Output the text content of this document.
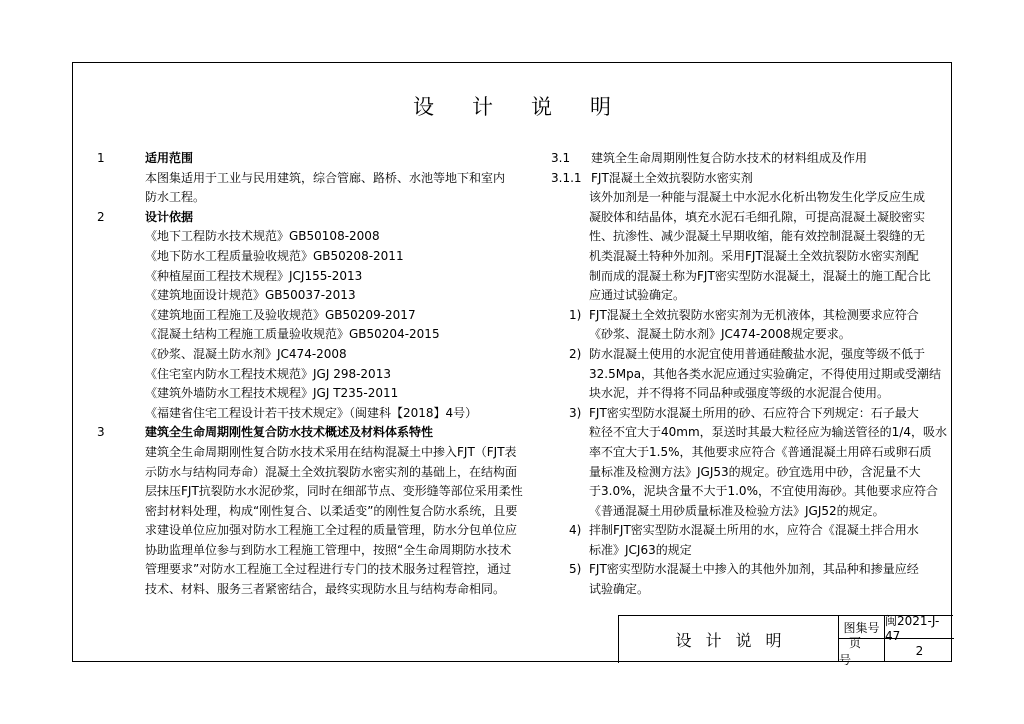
设计说明
1	适用范围
本图集适用于工业与民用建筑，综合管廊、路桥、水池等地下和室内
防水工程。
2	设计依据
《地下工程防水技术规范》GB50108-2008
《地下防水工程质量验收规范》GB50208-2011
《种植屋面工程技术规程》JCJ155-2013
《建筑地面设计规范》GB50037-2013
《建筑地面工程施工及验收规范》GB50209-2017
《混凝土结构工程施工质量验收规范》GB50204-2015
《砂浆、混凝土防水剂》JC474-2008
《住宅室内防水工程技术规范》JGJ 298-2013
《建筑外墙防水工程技术规程》JGJ T235-2011
《福建省住宅工程设计若干技术规定》（闽建科【2018】4号）
3	建筑全生命周期刚性复合防水技术概述及材料体系特性
建筑全生命周期刚性复合防水技术采用在结构混凝土中掺入FJT（FJT表
示防水与结构同寿命）混凝土全效抗裂防水密实剂的基础上，在结构面
层抹压FJT抗裂防水水泥砂浆，同时在细部节点、变形缝等部位采用柔性
密封材料处理，构成“刚性复合、以柔适变”的刚性复合防水系统，且要
求建设单位应加强对防水工程施工全过程的质量管理，防水分包单位应
协助监理单位参与到防水工程施工管理中，按照“全生命周期防水技术
管理要求”对防水工程施工全过程进行专门的技术服务过程管控，通过
技术、材料、服务三者紧密结合，最终实现防水且与结构寿命相同。
3.1 建筑全生命周期刚性复合防水技术的材料组成及作用
3.1.1 FJT混凝土全效抗裂防水密实剂
该外加剂是一种能与混凝土中水泥水化析出物发生化学反应生成
凝胶体和结晶体，填充水泥石毛细孔隙，可提高混凝土凝胶密实
性、抗渗性、减少混凝土早期收缩，能有效控制混凝土裂缝的无
机类混凝土特种外加剂。采用FJT混凝土全效抗裂防水密实剂配
制而成的混凝土称为FJT密实型防水混凝土，混凝土的施工配合比
应通过试验确定。
1) FJT混凝土全效抗裂防水密实剂为无机液体，其检测要求应符合
《砂浆、混凝土防水剂》JC474-2008规定要求。
2) 防水混凝土使用的水泥宜使用普通硅酸盐水泥，强度等级不低于
32.5Mpa，其他各类水泥应通过实验确定，不得使用过期或受潮结
块水泥，并不得将不同品种或强度等级的水泥混合使用。
3) FJT密实型防水混凝土所用的砂、石应符合下列规定：石子最大
粒径不宜大于40mm，泵送时其最大粒径应为输送管径的1/4，吸水
率不宜大于1.5%，其他要求应符合《普通混凝土用碎石或卵石质
量标准及检测方法》JGJ53的规定。砂宜选用中砂，含泥量不大
于3.0%，泥块含量不大于1.0%，不宜使用海砂。其他要求应符合
《普通混凝土用砂质量标准及检验方法》JGJ52的规定。
4) 拌制FJT密实型防水混凝土所用的水，应符合《混凝土拌合用水
标准》JCJ63的规定
5) FJT密实型防水混凝土中掺入的其他外加剂，其品种和掺量应经
试验确定。
设计说明
图集号 闽2021-J-47
页号
2
